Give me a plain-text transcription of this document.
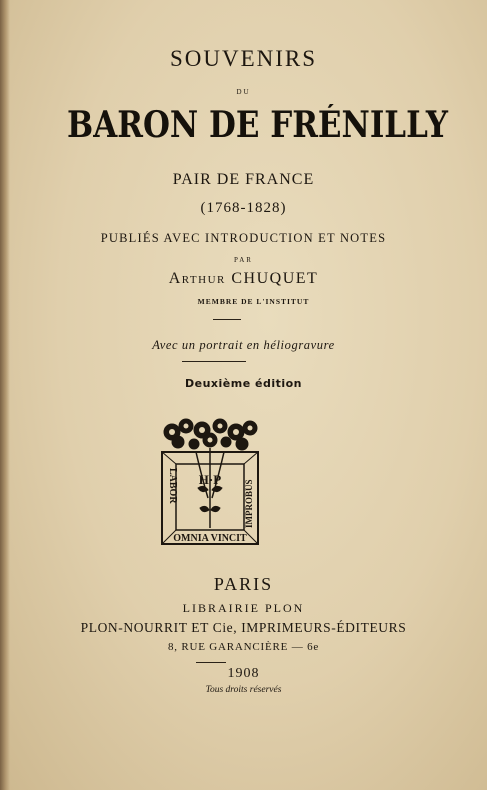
SOUVENIRS
DU
BARON DE FRÉNILLY
PAIR DE FRANCE
(1768-1828)
PUBLIÉS AVEC INTRODUCTION ET NOTES
PAR
Arthur CHUQUET
MEMBRE DE L'INSTITUT
Avec un portrait en héliogravure
Deuxième édition
LABOR	IMPROBUS
OMNIA VINCIT
H·P
PARIS
LIBRAIRIE PLON
PLON-NOURRIT ET Cie, IMPRIMEURS-ÉDITEURS
8, RUE GARANCIÈRE — 6e
1908
Tous droits réservés
